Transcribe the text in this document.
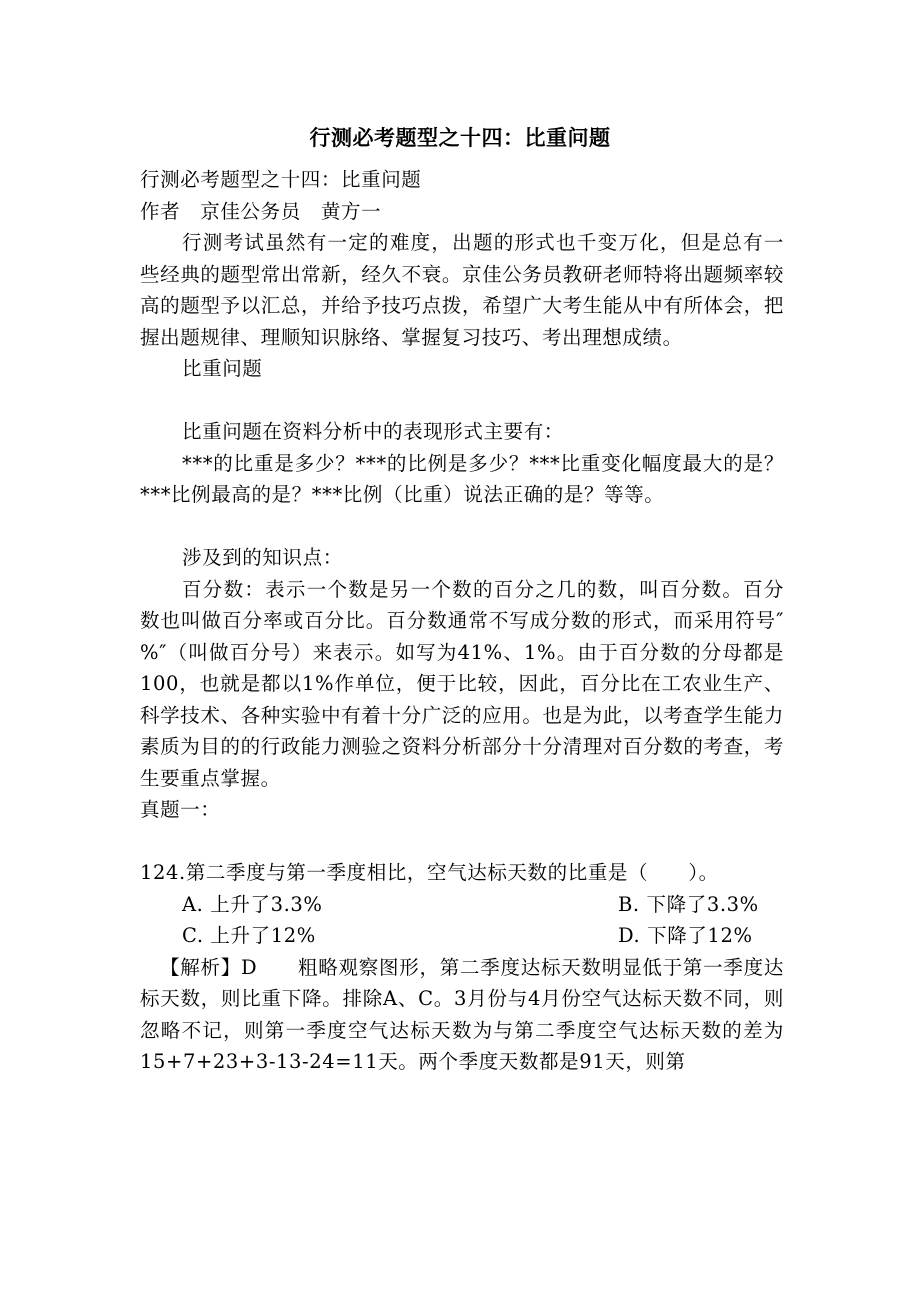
行测必考题型之十四：比重问题

行测必考题型之十四：比重问题

作者　京佳公务员　黄方一

行测考试虽然有一定的难度，出题的形式也千变万化，但是总有一些经典的题型常出常新，经久不衰。京佳公务员教研老师特将出题频率较高的题型予以汇总，并给予技巧点拨，希望广大考生能从中有所体会，把握出题规律、理顺知识脉络、掌握复习技巧、考出理想成绩。

比重问题

比重问题在资料分析中的表现形式主要有：

***的比重是多少？***的比例是多少？***比重变化幅度最大的是？***比例最高的是？***比例（比重）说法正确的是？等等。

涉及到的知识点：

百分数：表示一个数是另一个数的百分之几的数，叫百分数。百分数也叫做百分率或百分比。百分数通常不写成分数的形式，而采用符号″%″（叫做百分号）来表示。如写为41%、1%。由于百分数的分母都是100，也就是都以1%作单位，便于比较，因此，百分比在工农业生产、科学技术、各种实验中有着十分广泛的应用。也是为此，以考查学生能力素质为目的的行政能力测验之资料分析部分十分清理对百分数的考查，考生要重点掌握。

真题一：

124.第二季度与第一季度相比，空气达标天数的比重是（　　）。

A. 上升了3.3%	B. 下降了3.3%
C. 上升了12%	D. 下降了12%

【解析】D　　粗略观察图形，第二季度达标天数明显低于第一季度达标天数，则比重下降。排除A、C。3月份与4月份空气达标天数不同，则忽略不记，则第一季度空气达标天数为与第二季度空气达标天数的差为15+7+23+3-13-24=11天。两个季度天数都是91天，则第
